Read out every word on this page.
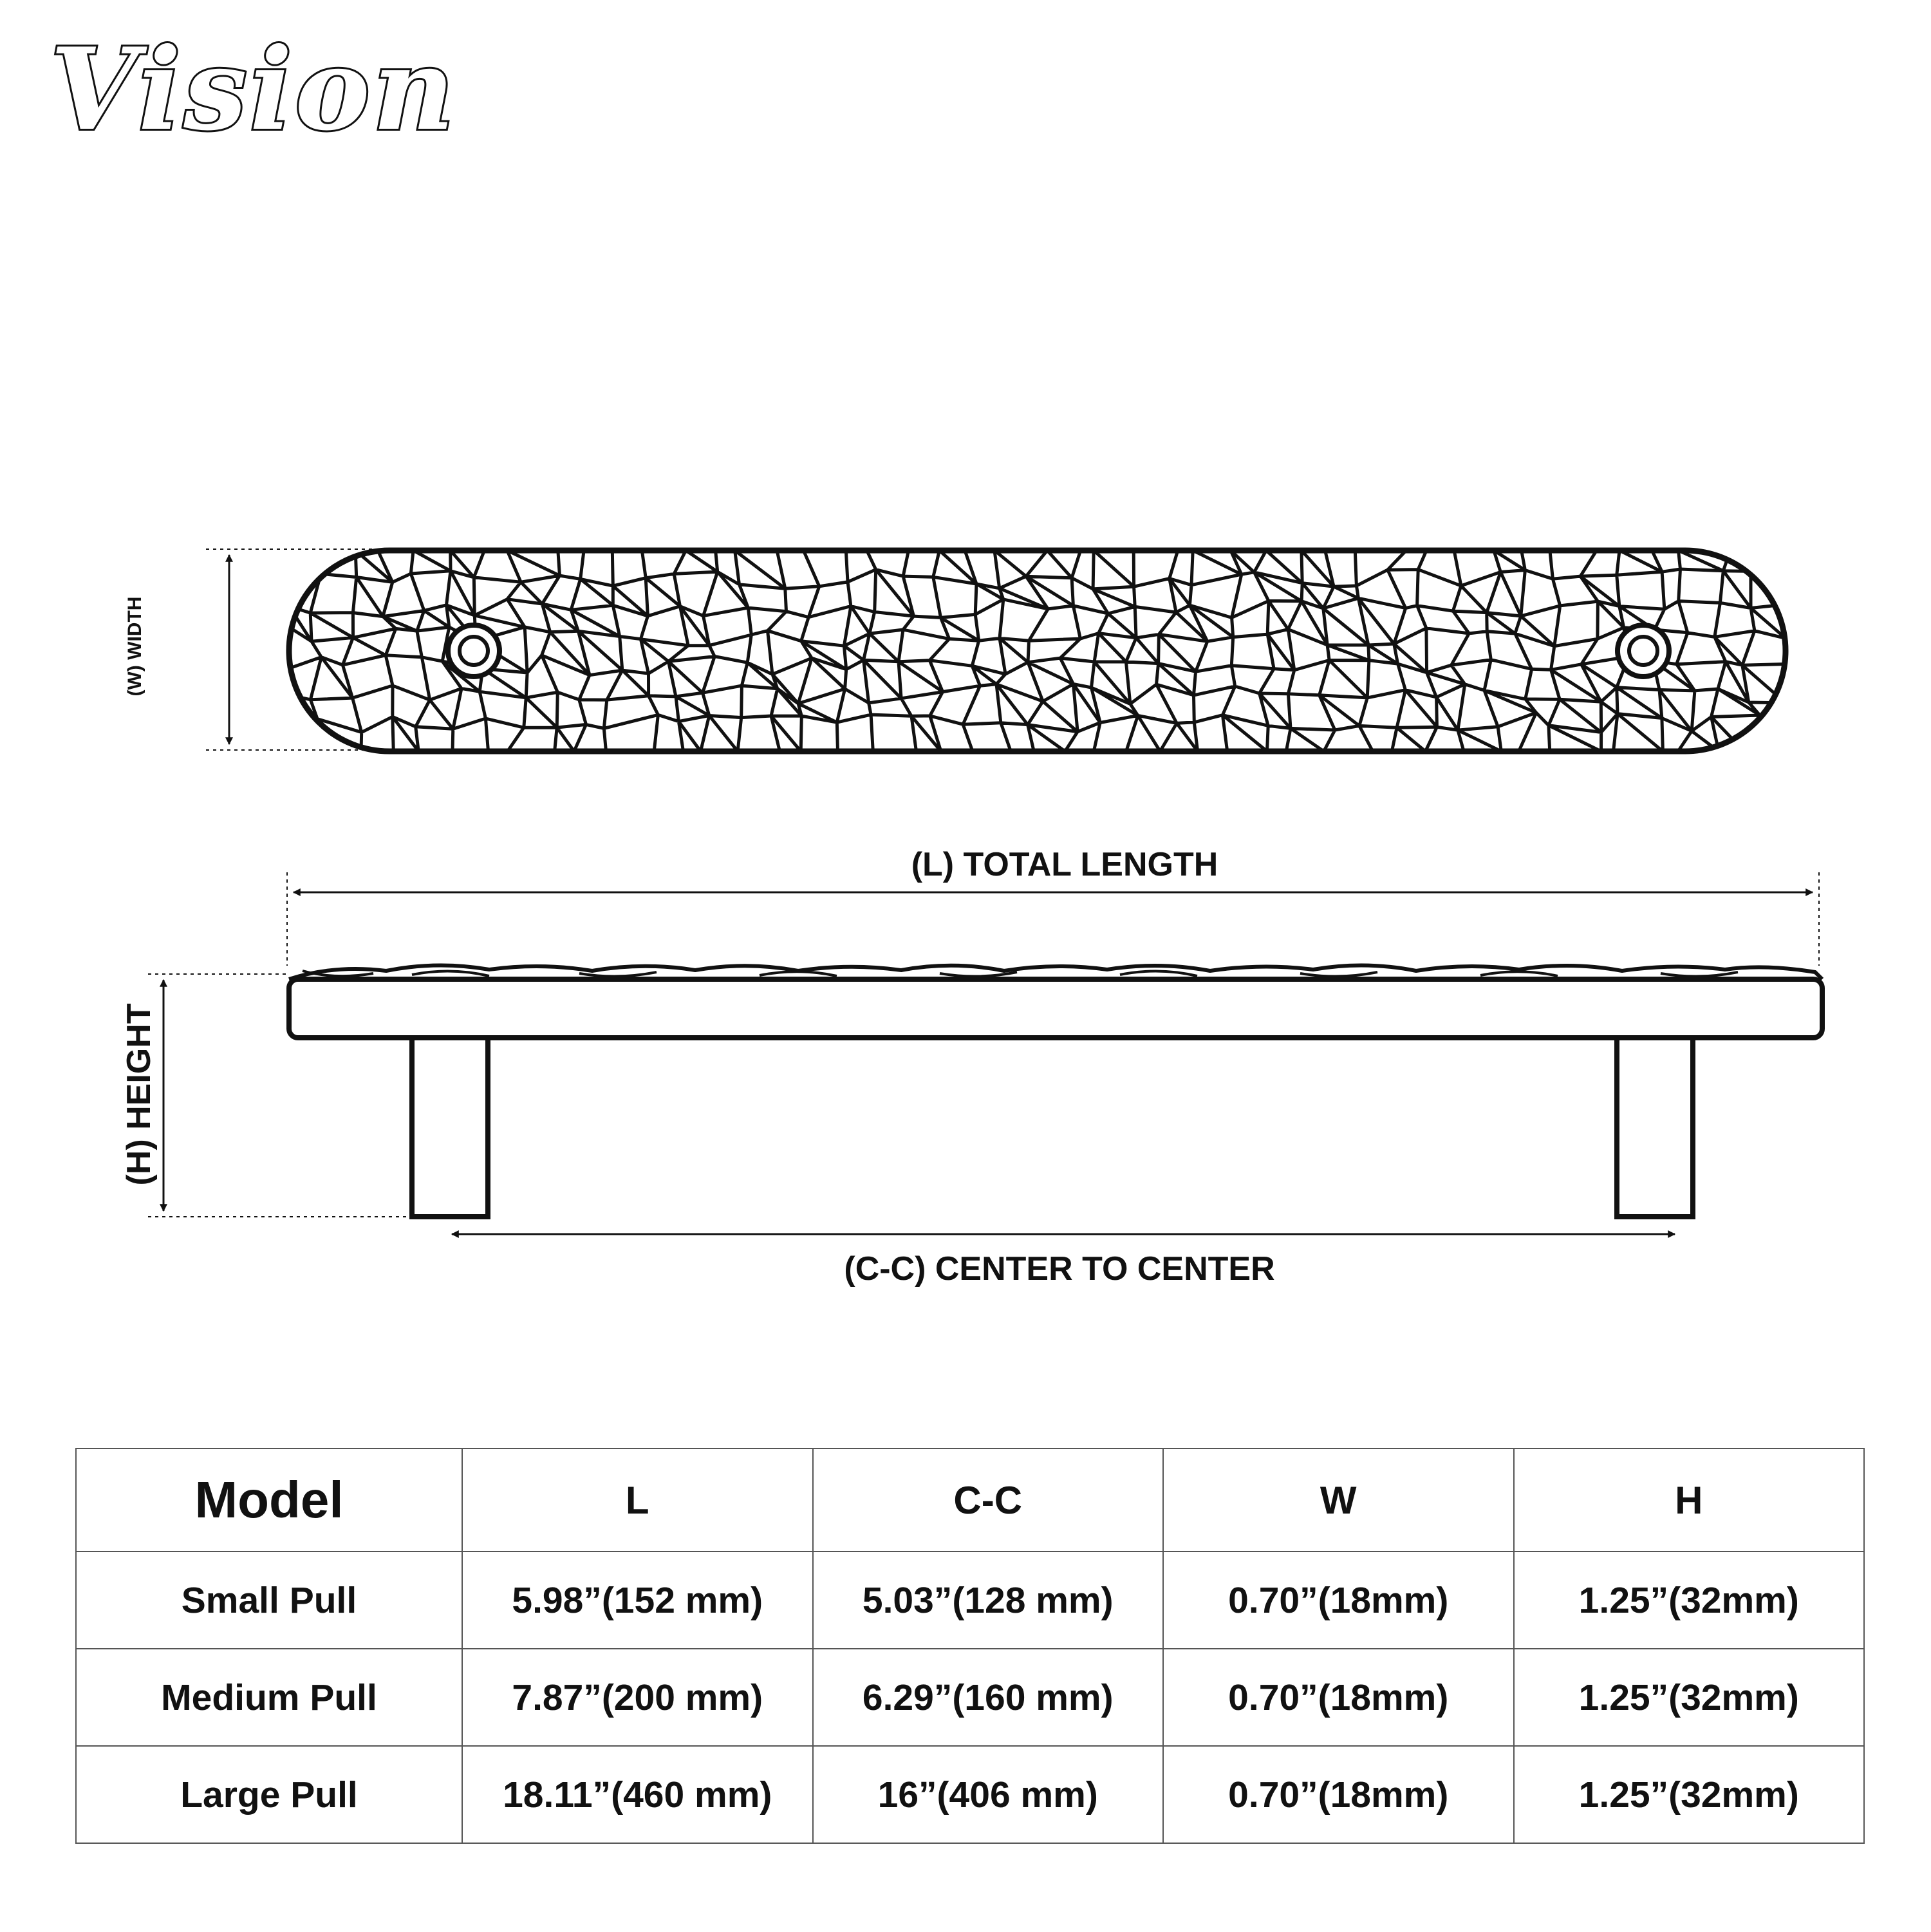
Vision
(W) WIDTH
(L) TOTAL LENGTH
(H) HEIGHT
(C-C) CENTER TO CENTER
Model	L	C-C	W	H
Small Pull	5.98”(152 mm)	5.03”(128 mm)	0.70”(18mm)	1.25”(32mm)
Medium Pull	7.87”(200 mm)	6.29”(160 mm)	0.70”(18mm)	1.25”(32mm)
Large Pull	18.11”(460 mm)	16”(406 mm)	0.70”(18mm)	1.25”(32mm)
